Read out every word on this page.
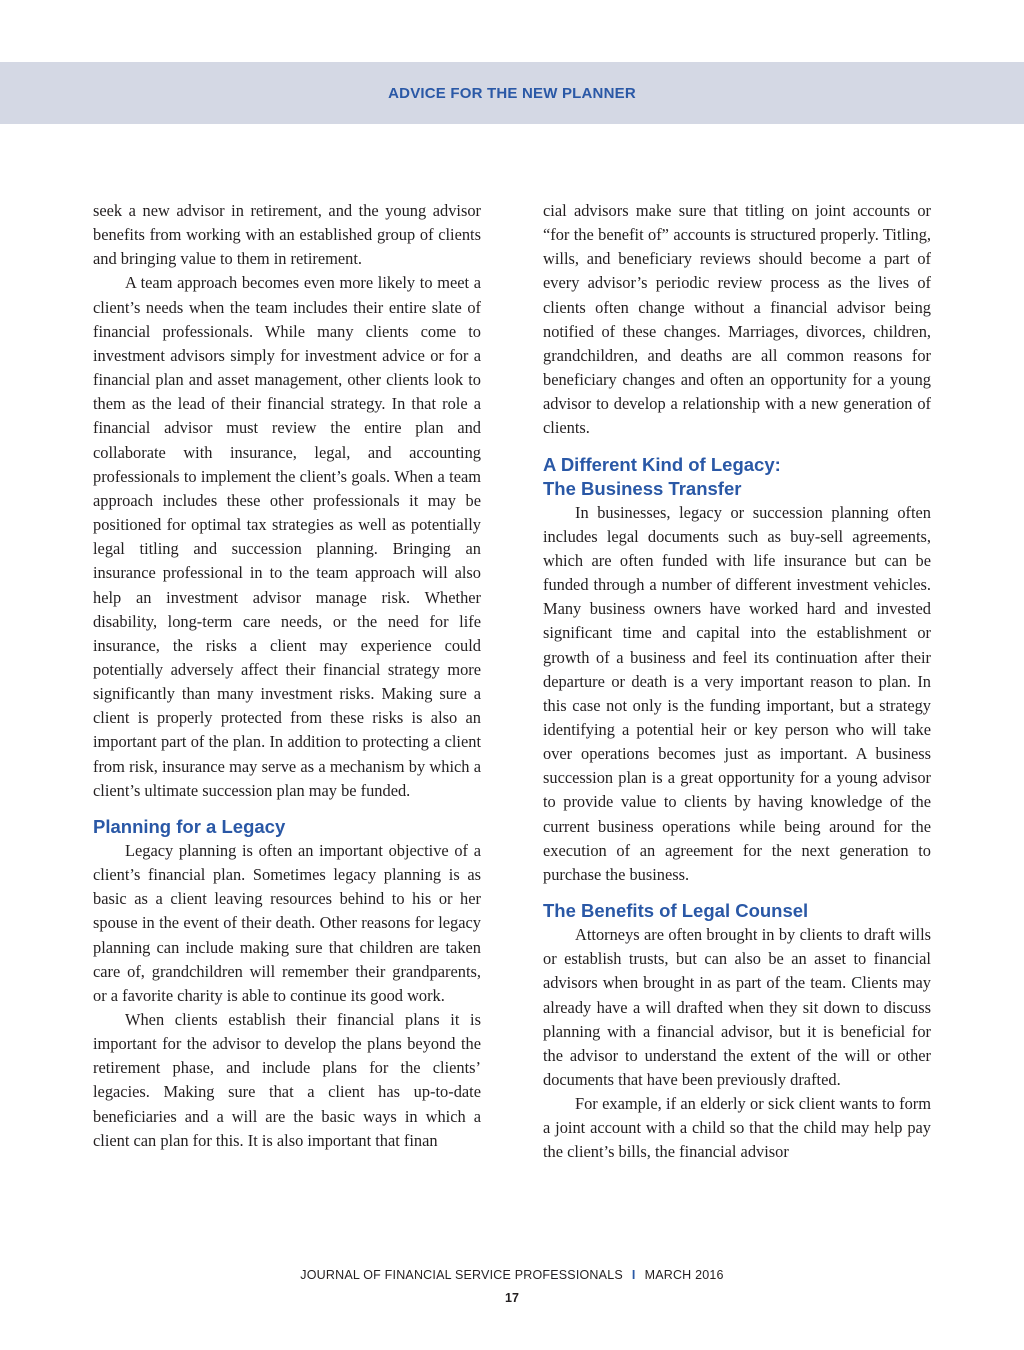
ADVICE FOR THE NEW PLANNER

seek a new advisor in retirement, and the young advisor benefits from working with an established group of clients and bringing value to them in retirement.

A team approach becomes even more likely to meet a client’s needs when the team includes their entire slate of financial professionals. While many clients come to investment advisors simply for investment advice or for a financial plan and asset management, other clients look to them as the lead of their financial strategy. In that role a financial advisor must review the entire plan and collaborate with insurance, legal, and accounting professionals to implement the client’s goals. When a team approach includes these other professionals it may be positioned for optimal tax strategies as well as potentially legal titling and succession planning. Bringing an insurance professional in to the team approach will also help an investment advisor manage risk. Whether disability, long-term care needs, or the need for life insurance, the risks a client may experience could potentially adversely affect their financial strategy more significantly than many investment risks. Making sure a client is properly protected from these risks is also an important part of the plan. In addition to protecting a client from risk, insurance may serve as a mechanism by which a client’s ultimate succession plan may be funded.

Planning for a Legacy

Legacy planning is often an important objective of a client’s financial plan. Sometimes legacy planning is as basic as a client leaving resources behind to his or her spouse in the event of their death. Other reasons for legacy planning can include making sure that children are taken care of, grandchildren will remember their grandparents, or a favorite charity is able to continue its good work.

When clients establish their financial plans it is important for the advisor to develop the plans beyond the retirement phase, and include plans for the clients’ legacies. Making sure that a client has up-to-date beneficiaries and a will are the basic ways in which a client can plan for this. It is also important that finan

cial advisors make sure that titling on joint accounts or “for the benefit of” accounts is structured properly. Titling, wills, and beneficiary reviews should become a part of every advisor’s periodic review process as the lives of clients often change without a financial advisor being notified of these changes. Marriages, divorces, children, grandchildren, and deaths are all common reasons for beneficiary changes and often an opportunity for a young advisor to develop a relationship with a new generation of clients.

A Different Kind of Legacy:
The Business Transfer

In businesses, legacy or succession planning often includes legal documents such as buy-sell agreements, which are often funded with life insurance but can be funded through a number of different investment vehicles. Many business owners have worked hard and invested significant time and capital into the establishment or growth of a business and feel its continuation after their departure or death is a very important reason to plan. In this case not only is the funding important, but a strategy identifying a potential heir or key person who will take over operations becomes just as important. A business succession plan is a great opportunity for a young advisor to provide value to clients by having knowledge of the current business operations while being around for the execution of an agreement for the next generation to purchase the business.

The Benefits of Legal Counsel

Attorneys are often brought in by clients to draft wills or establish trusts, but can also be an asset to financial advisors when brought in as part of the team. Clients may already have a will drafted when they sit down to discuss planning with a financial advisor, but it is beneficial for the advisor to understand the extent of the will or other documents that have been previously drafted.

For example, if an elderly or sick client wants to form a joint account with a child so that the child may help pay the client’s bills, the financial advisor

JOURNAL OF FINANCIAL SERVICE PROFESSIONALS I MARCH 2016
17
